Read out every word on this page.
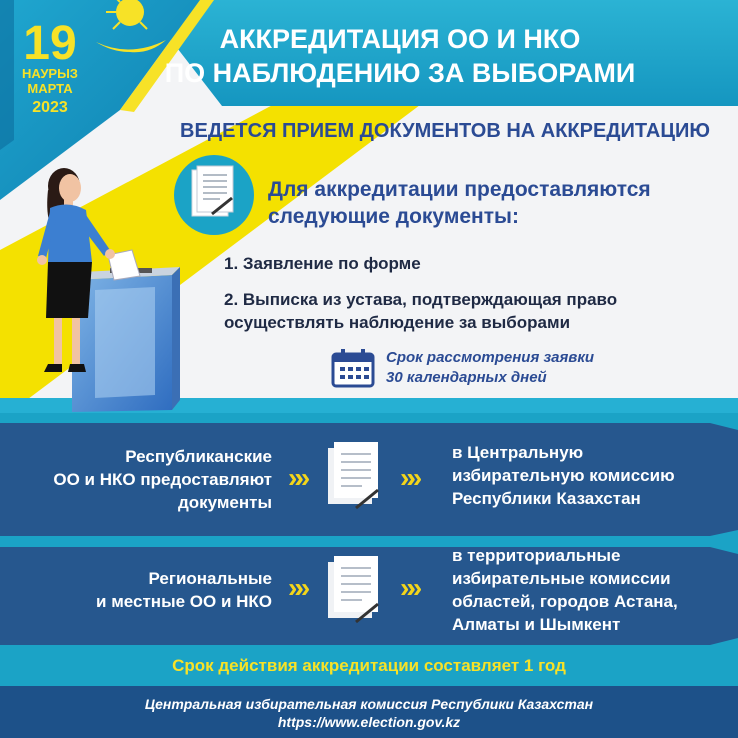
19
НАУРЫЗ
МАРТА
2023
АККРЕДИТАЦИЯ ОО И НКО
ПО НАБЛЮДЕНИЮ ЗА ВЫБОРАМИ
ВЕДЕТСЯ ПРИЕМ ДОКУМЕНТОВ НА АККРЕДИТАЦИЮ
Для аккредитации предоставляются
следующие документы:
1. Заявление по форме
2. Выписка из устава, подтверждающая право
осуществлять наблюдение за выборами
Срок рассмотрения заявки
30 календарных дней
Республиканские
ОО и НКО предоставляют
документы
»»	»»
в Центральную
избирательную комиссию
Республики Казахстан
Региональные
и местные ОО и НКО »»	»»
в территориальные
избирательные комиссии
областей, городов Астана,
Алматы и Шымкент
Срок действия аккредитации составляет 1 год
Центральная избирательная комиссия Республики Казахстан
https://www.election.gov.kz
